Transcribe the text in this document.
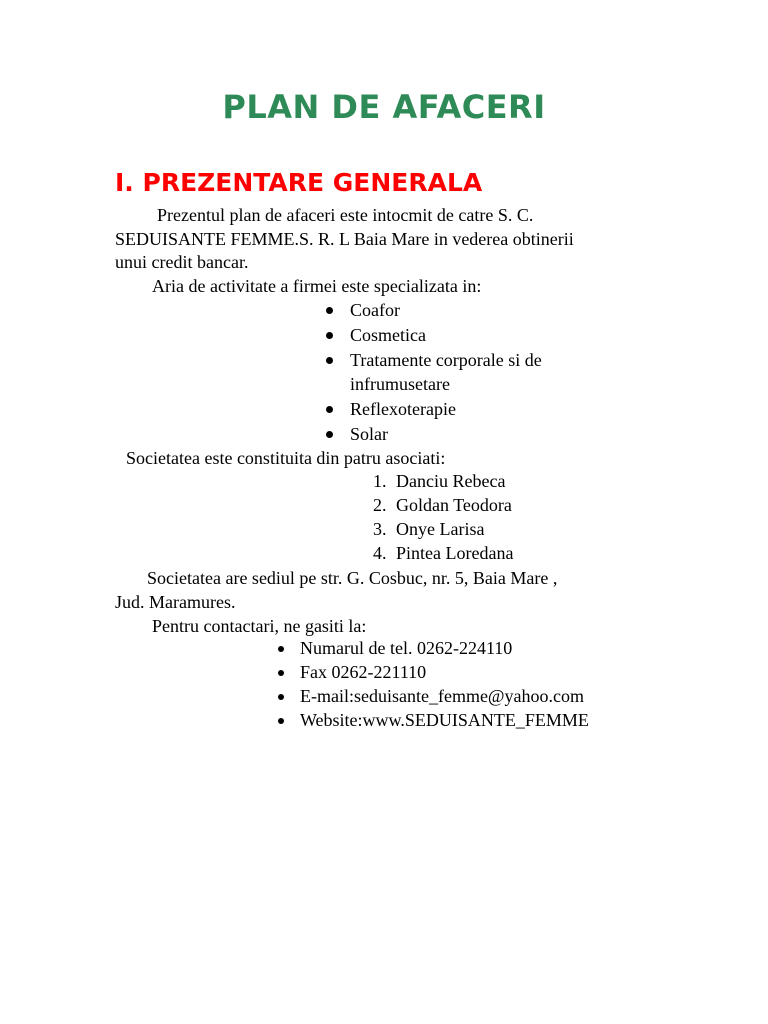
PLAN DE AFACERI
I. PREZENTARE GENERALA

Prezentul plan de afaceri este intocmit de catre S. C.

SEDUISANTE FEMME.S. R. L Baia Mare in vederea obtinerii

unui credit bancar.

Aria de activitate a firmei este specializata in:

Coafor
Cosmetica
Tratamente corporale si de
infrumusetare
Reflexoterapie
Solar

Societatea este constituita din patru asociati:

1. Danciu Rebeca
2. Goldan Teodora
3. Onye Larisa
4. Pintea Loredana

Societatea are sediul pe str. G. Cosbuc, nr. 5, Baia Mare ,

Jud. Maramures.

Pentru contactari, ne gasiti la:

Numarul de tel. 0262-224110
Fax 0262-221110
E-mail:seduisante_femme@yahoo.com
Website:www.SEDUISANTE_FEMME
